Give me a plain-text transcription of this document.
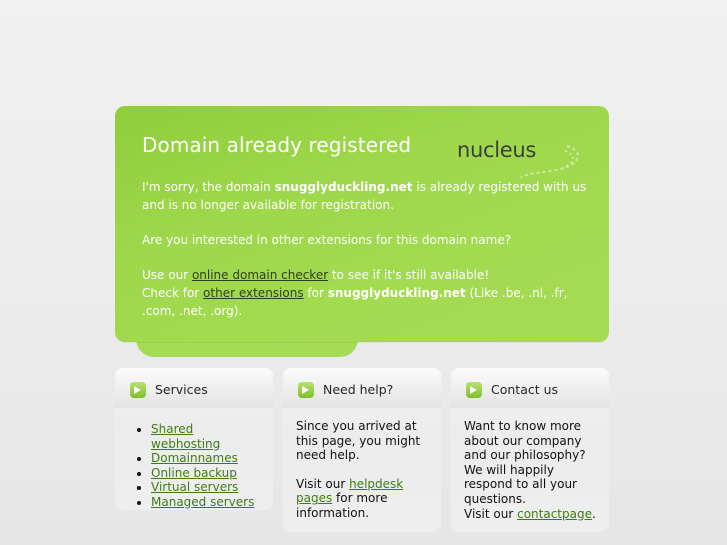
Domain already registered nucleus

I'm sorry, the domain snugglyduckling.net is already registered with us and is no longer available for registration.

Are you interested in other extensions for this domain name?

Use our online domain checker to see if it's still available!
Check for other extensions for snugglyduckling.net (Like .be, .nl, .fr, .com, .net, .org).

Services
• Shared webhosting
• Domainnames
• Online backup
• Virtual servers
• Managed servers
Need help?

Since you arrived at this page, you might need help.

Visit our helpdesk pages for more information.

Contact us
Want to know more about our company and our philosophy? We will happily respond to all your questions.
Visit our contactpage.
